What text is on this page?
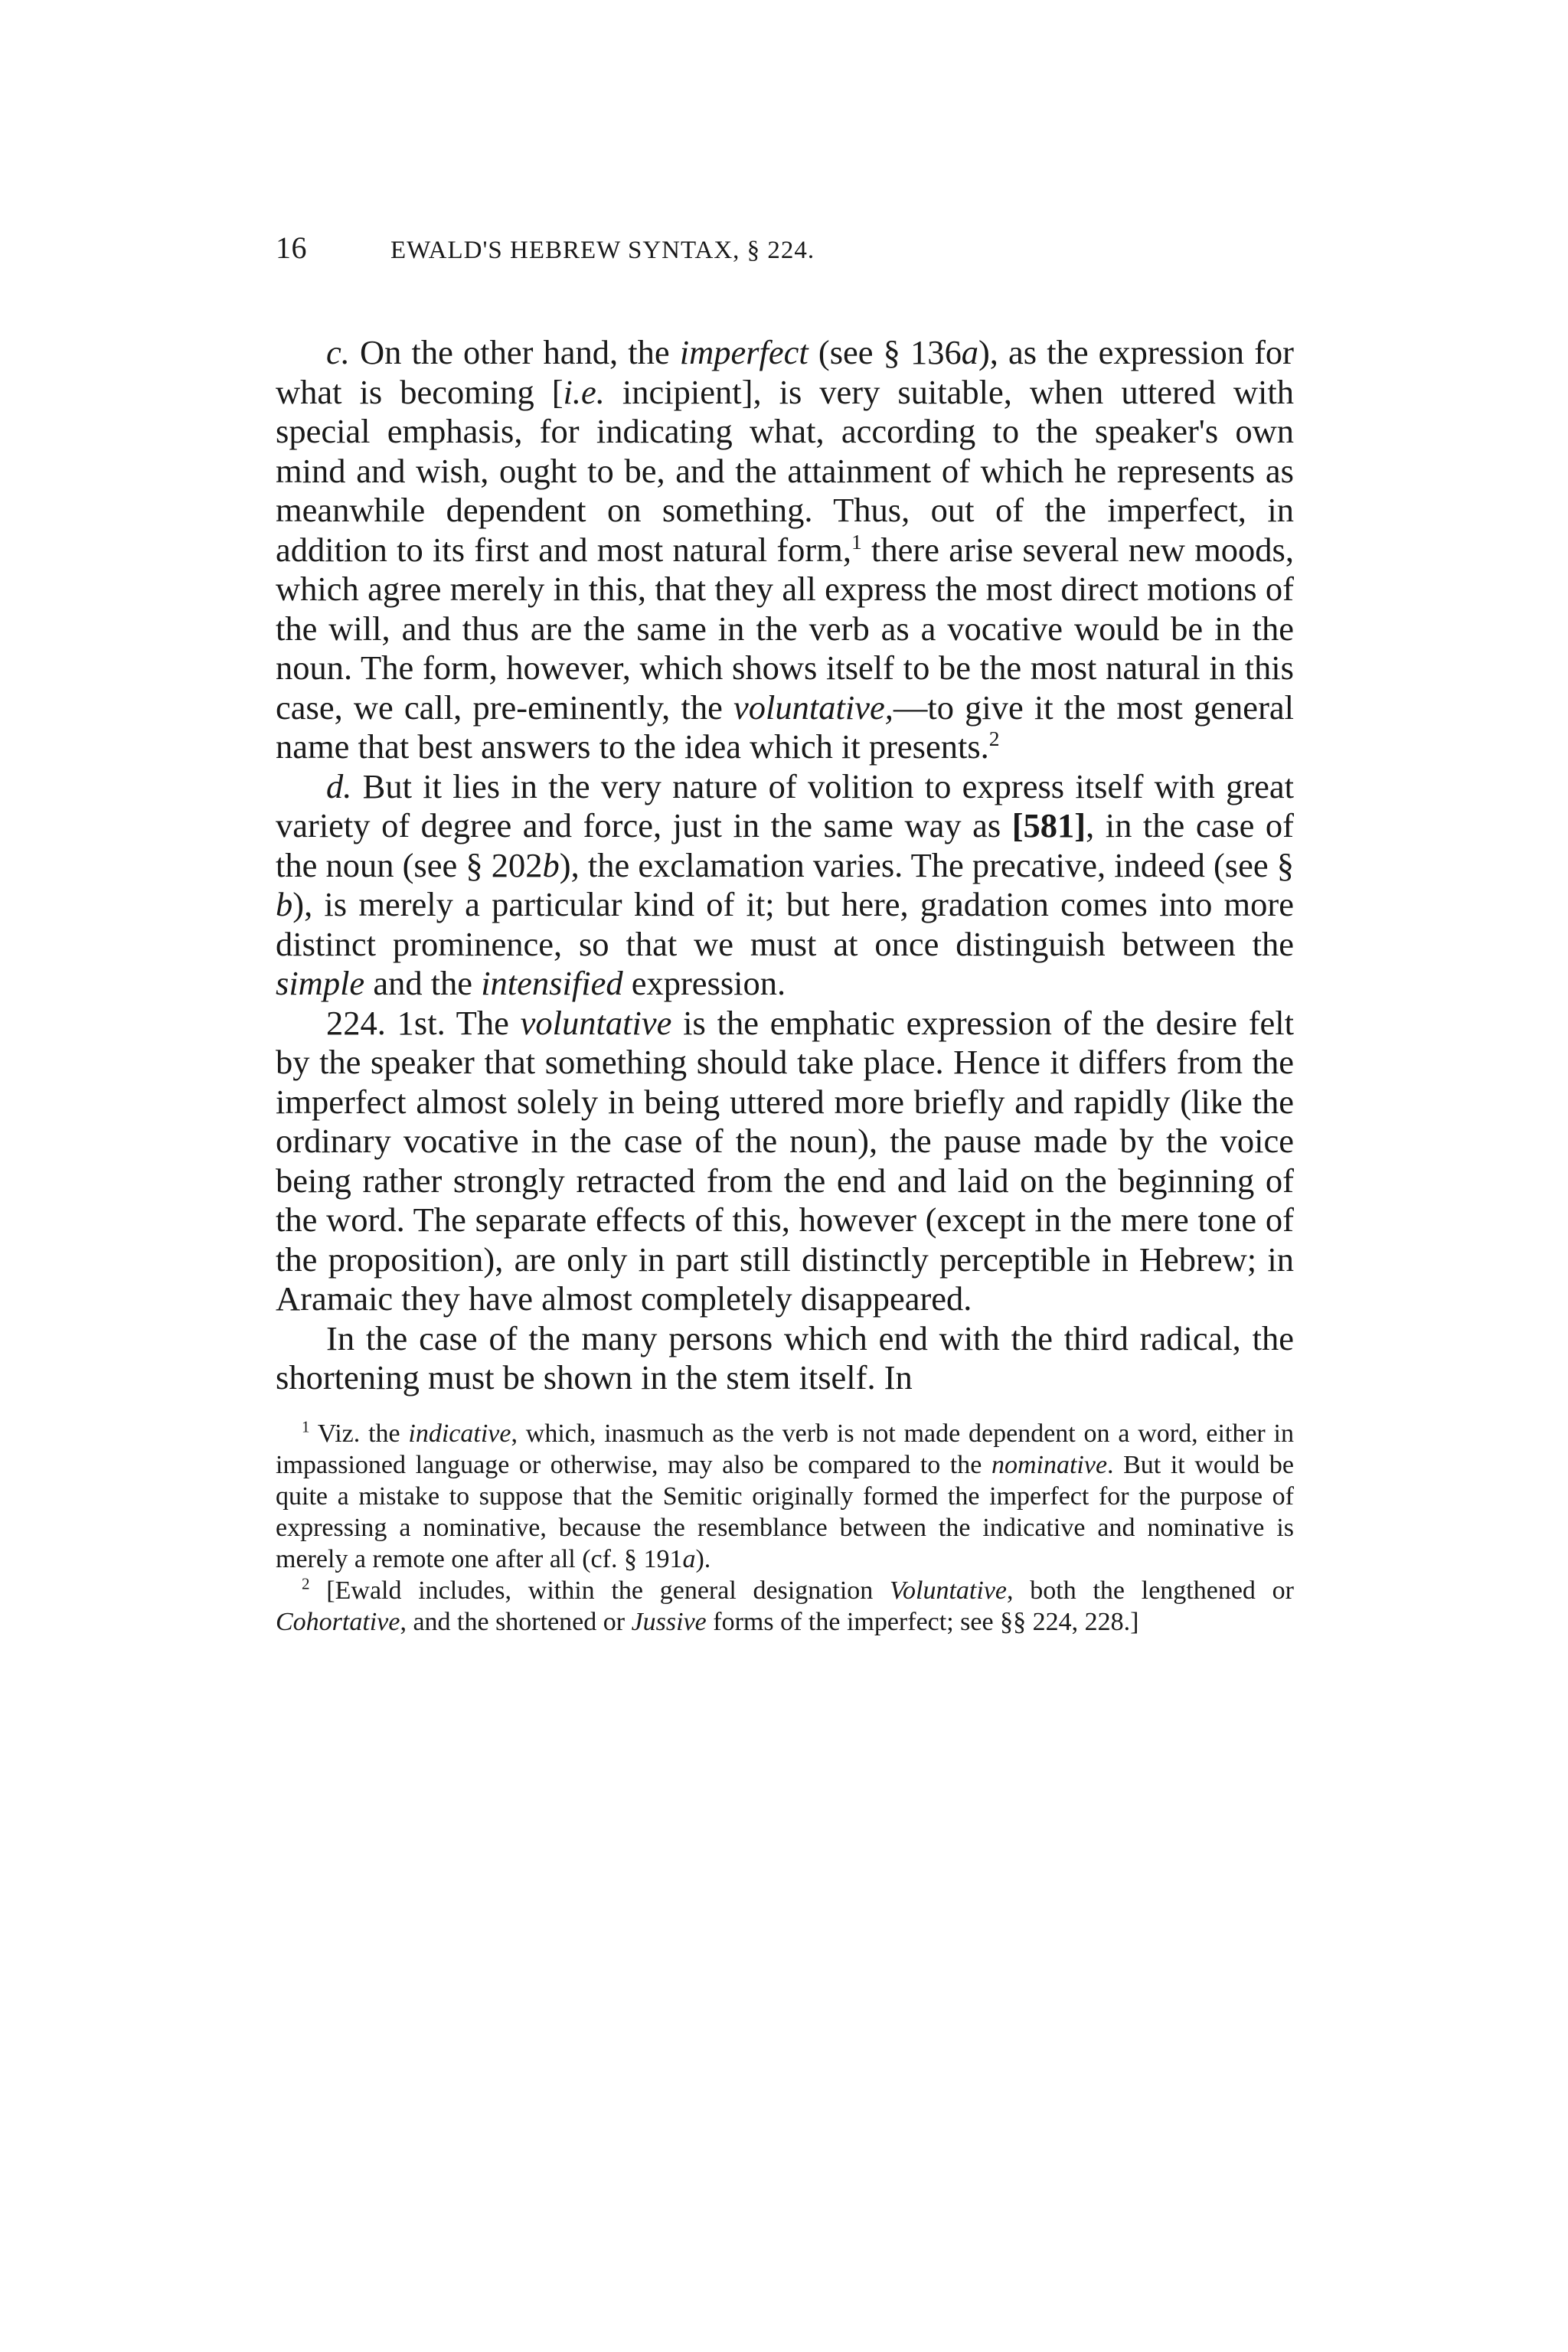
16	EWALD'S HEBREW SYNTAX, § 224.

c. On the other hand, the imperfect (see § 136a), as the expression for what is becoming [i.e. incipient], is very suitable, when uttered with special emphasis, for indicating what, according to the speaker's own mind and wish, ought to be, and the attainment of which he represents as meanwhile dependent on something. Thus, out of the imperfect, in addition to its first and most natural form,$^1$ there arise several new moods, which agree merely in this, that they all express the most direct motions of the will, and thus are the same in the verb as a vocative would be in the noun. The form, however, which shows itself to be the most natural in this case, we call, pre-eminently, the voluntative,—to give it the most general name that best answers to the idea which it presents.$^2$

d. But it lies in the very nature of volition to express itself with great variety of degree and force, just in the same way as [581], in the case of the noun (see § 202b), the exclamation varies. The precative, indeed (see § b), is merely a particular kind of it; but here, gradation comes into more distinct prominence, so that we must at once distinguish between the simple and the intensified expression.

224. 1st. The voluntative is the emphatic expression of the desire felt by the speaker that something should take place. Hence it differs from the imperfect almost solely in being uttered more briefly and rapidly (like the ordinary vocative in the case of the noun), the pause made by the voice being rather strongly retracted from the end and laid on the beginning of the word. The separate effects of this, however (except in the mere tone of the proposition), are only in part still distinctly perceptible in Hebrew; in Aramaic they have almost completely disappeared.

In the case of the many persons which end with the third radical, the shortening must be shown in the stem itself. In

$^1$ Viz. the indicative, which, inasmuch as the verb is not made dependent on a word, either in impassioned language or otherwise, may also be compared to the nominative. But it would be quite a mistake to suppose that the Semitic originally formed the imperfect for the purpose of expressing a nominative, because the resemblance between the indicative and nominative is merely a remote one after all (cf. § 191a).

$^2$ [Ewald includes, within the general designation Voluntative, both the lengthened or Cohortative, and the shortened or Jussive forms of the imperfect; see §§ 224, 228.]
